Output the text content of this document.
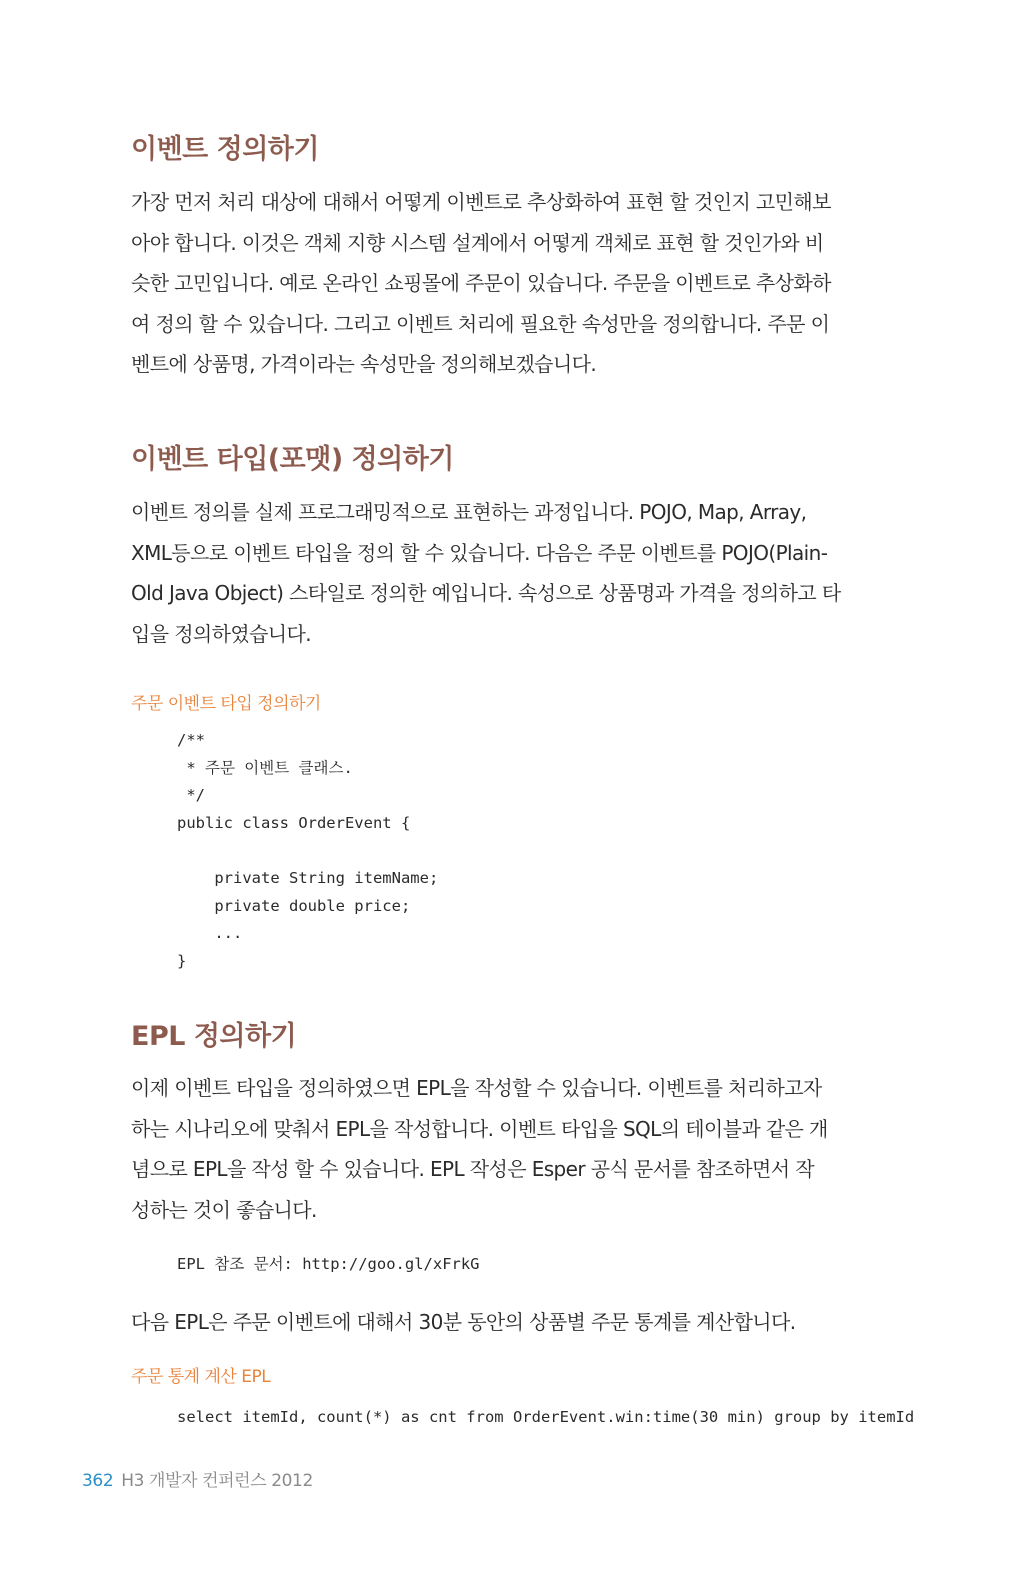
이벤트 정의하기
가장 먼저 처리 대상에 대해서 어떻게 이벤트로 추상화하여 표현 할 것인지 고민해보
아야 합니다. 이것은 객체 지향 시스템 설계에서 어떻게 객체로 표현 할 것인가와 비
슷한 고민입니다. 예로 온라인 쇼핑몰에 주문이 있습니다. 주문을 이벤트로 추상화하
여 정의 할 수 있습니다. 그리고 이벤트 처리에 필요한 속성만을 정의합니다. 주문 이
벤트에 상품명, 가격이라는 속성만을 정의해보겠습니다.
이벤트 타입(포맷) 정의하기
이벤트 정의를 실제 프로그래밍적으로 표현하는 과정입니다. POJO, Map, Array,
XML등으로 이벤트 타입을 정의 할 수 있습니다. 다음은 주문 이벤트를 POJO(Plain-
Old Java Object) 스타일로 정의한 예입니다. 속성으로 상품명과 가격을 정의하고 타
입을 정의하였습니다.
주문 이벤트 타입 정의하기
/**
* 주문 이벤트 클래스.
*/
public class OrderEvent {
private String itemName;
private double price;
...
}
EPL 정의하기
이제 이벤트 타입을 정의하였으면 EPL을 작성할 수 있습니다. 이벤트를 처리하고자
하는 시나리오에 맞춰서 EPL을 작성합니다. 이벤트 타입을 SQL의 테이블과 같은 개
념으로 EPL을 작성 할 수 있습니다. EPL 작성은 Esper 공식 문서를 참조하면서 작
성하는 것이 좋습니다.
EPL 참조 문서: http://goo.gl/xFrkG
다음 EPL은 주문 이벤트에 대해서 30분 동안의 상품별 주문 통계를 계산합니다.
주문 통계 계산 EPL
select itemId, count(*) as cnt from OrderEvent.win:time(30 min) group by itemId
362 H3 개발자 컨퍼런스 2012
